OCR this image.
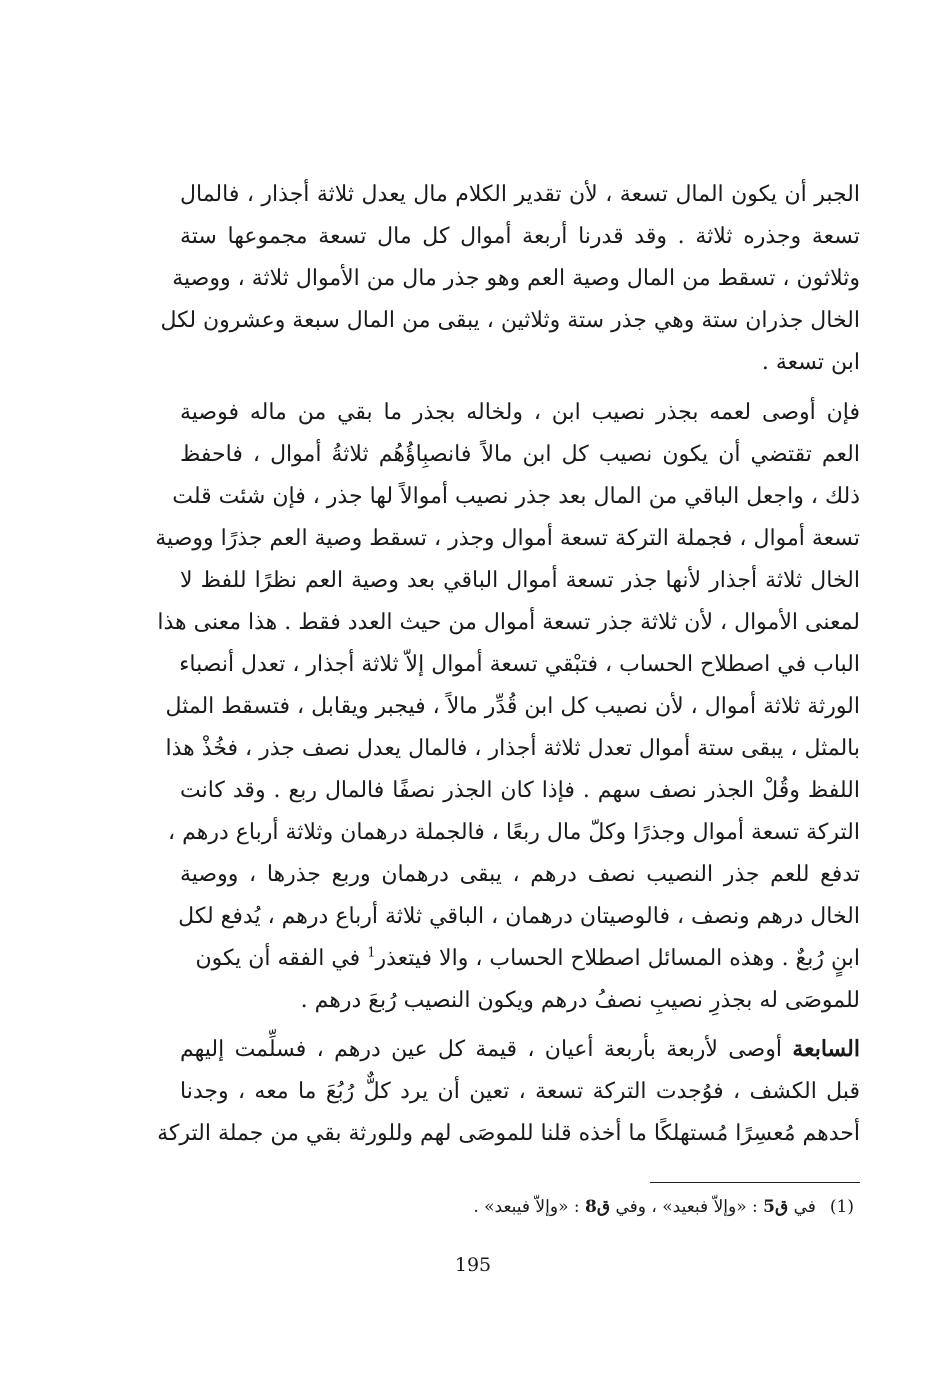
الجبر أن يكون المال تسعة ، لأن تقدير الكلام مال يعدل ثلاثة أجذار ، فالمال
تسعة وجذره ثلاثة . وقد قدرنا أربعة أموال كل مال تسعة مجموعها ستة
وثلاثون ، تسقط من المال وصية العم وهو جذر مال من الأموال ثلاثة ، ووصية
الخال جذران ستة وهي جذر ستة وثلاثين ، يبقى من المال سبعة وعشرون لكل
ابن تسعة .
فإن أوصى لعمه بجذر نصيب ابن ، ولخاله بجذر ما بقي من ماله فوصية
العم تقتضي أن يكون نصيب كل ابن مالاً فانصبِاؤُهُم ثلاثةُ أموال ، فاحفظ
ذلك ، واجعل الباقي من المال بعد جذر نصيب أموالاً لها جذر ، فإن شئت قلت
تسعة أموال ، فجملة التركة تسعة أموال وجذر ، تسقط وصية العم جذرًا ووصية
الخال ثلاثة أجذار لأنها جذر تسعة أموال الباقي بعد وصية العم نظرًا للفظ لا
لمعنى الأموال ، لأن ثلاثة جذر تسعة أموال من حيث العدد فقط . هذا معنى هذا
الباب في اصطلاح الحساب ، فتبْقي تسعة أموال إلاّ ثلاثة أجذار ، تعدل أنصباء
الورثة ثلاثة أموال ، لأن نصيب كل ابن قُدِّر مالاً ، فيجبر ويقابل ، فتسقط المثل
بالمثل ، يبقى ستة أموال تعدل ثلاثة أجذار ، فالمال يعدل نصف جذر ، فخُذْ هذا
اللفظ وقُلْ الجذر نصف سهم . فإذا كان الجذر نصفًا فالمال ربع . وقد كانت
التركة تسعة أموال وجذرًا وكلّ مال ربعًا ، فالجملة درهمان وثلاثة أرباع درهم ،
تدفع للعم جذر النصيب نصف درهم ، يبقى درهمان وربع جذرها ، ووصية
الخال درهم ونصف ، فالوصيتان درهمان ، الباقي ثلاثة أرباع درهم ، يُدفع لكل
ابنٍ رُبعٌ . وهذه المسائل اصطلاح الحساب ، والا فيتعذر$^1$ في الفقه أن يكون
للموصَى له بجذرِ نصيبِ نصفُ درهم ويكون النصيب رُبعَ درهم .
السابعة أوصى لأربعة بأربعة أعيان ، قيمة كل عين درهم ، فسلِّمت إليهم
قبل الكشف ، فوُجدت التركة تسعة ، تعين أن يرد كلٌّ رُبُعَ ما معه ، وجدنا
أحدهم مُعسِرًا مُستهلكًا ما أخذه قلنا للموصَى لهم وللورثة بقي من جملة التركة
(1)في ق5 : «وإلاّ فبعيد» ، وفي ق8 : «وإلاّ فيبعد» .
195
